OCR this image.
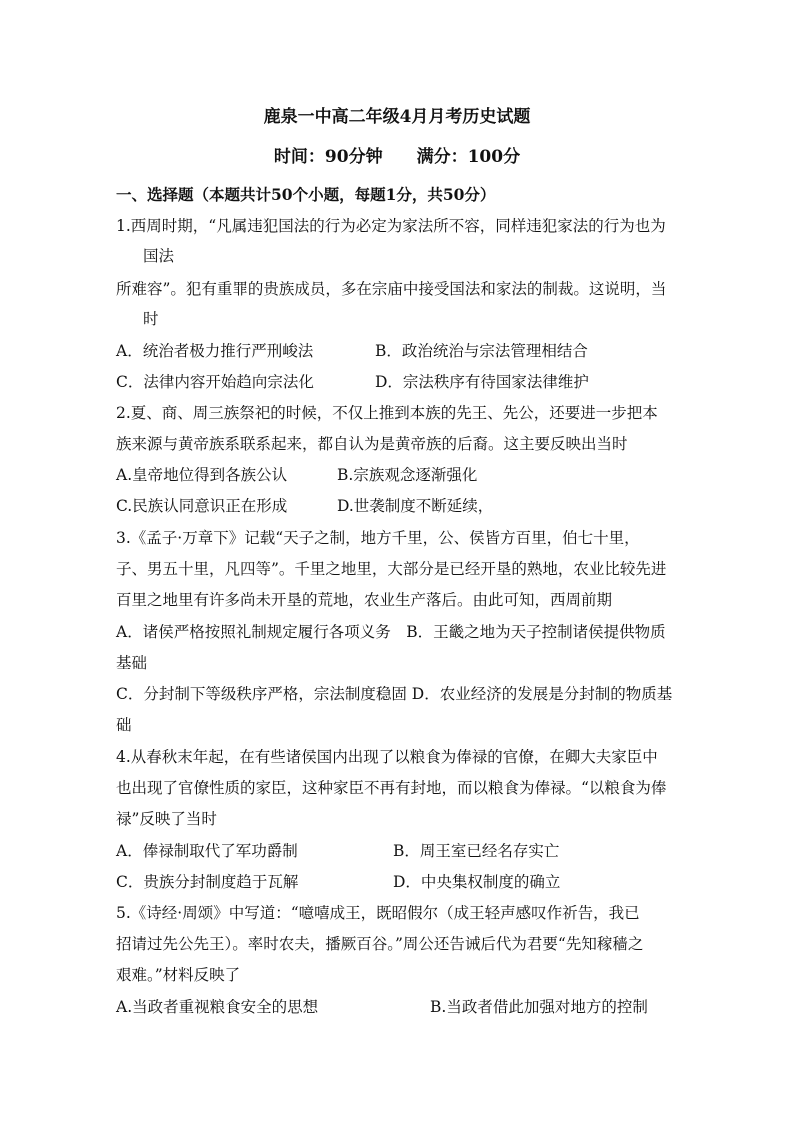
鹿泉一中高二年级4月月考历史试题
时间：90分钟 满分：100分
一、选择题（本题共计50个小题，每题1分，共50分）
1.西周时期，“凡属违犯国法的行为必定为家法所不容，同样违犯家法的行为也为
国法
所难容”。犯有重罪的贵族成员，多在宗庙中接受国法和家法的制裁。这说明，当
时
A．统治者极力推行严刑峻法	B．政治统治与宗法管理相结合
C．法律内容开始趋向宗法化	D．宗法秩序有待国家法律维护
2.夏、商、周三族祭祀的时候，不仅上推到本族的先王、先公，还要进一步把本
族来源与黄帝族系联系起来，都自认为是黄帝族的后裔。这主要反映出当时
A.皇帝地位得到各族公认	B.宗族观念逐渐强化
C.民族认同意识正在形成	D.世袭制度不断延续，
3.《孟子·万章下》记载“天子之制，地方千里，公、侯皆方百里，伯七十里，
子、男五十里，凡四等”。千里之地里，大部分是已经开垦的熟地，农业比较先进
百里之地里有许多尚未开垦的荒地，农业生产落后。由此可知，西周前期
A．诸侯严格按照礼制规定履行各项义务　B．王畿之地为天子控制诸侯提供物质
基础
C．分封制下等级秩序严格，宗法制度稳固 D．农业经济的发展是分封制的物质基
础
4.从春秋末年起，在有些诸侯国内出现了以粮食为俸禄的官僚，在卿大夫家臣中
也出现了官僚性质的家臣，这种家臣不再有封地，而以粮食为俸禄。“以粮食为俸
禄”反映了当时
A．俸禄制取代了军功爵制	B．周王室已经名存实亡
C．贵族分封制度趋于瓦解	D．中央集权制度的确立
5.《诗经·周颂》中写道：“噫嘻成王，既昭假尔（成王轻声感叹作祈告，我已
招请过先公先王）。率时农夫，播厥百谷。”周公还告诫后代为君要“先知稼穑之
艰难。”材料反映了
A.当政者重视粮食安全的思想	B.当政者借此加强对地方的控制
